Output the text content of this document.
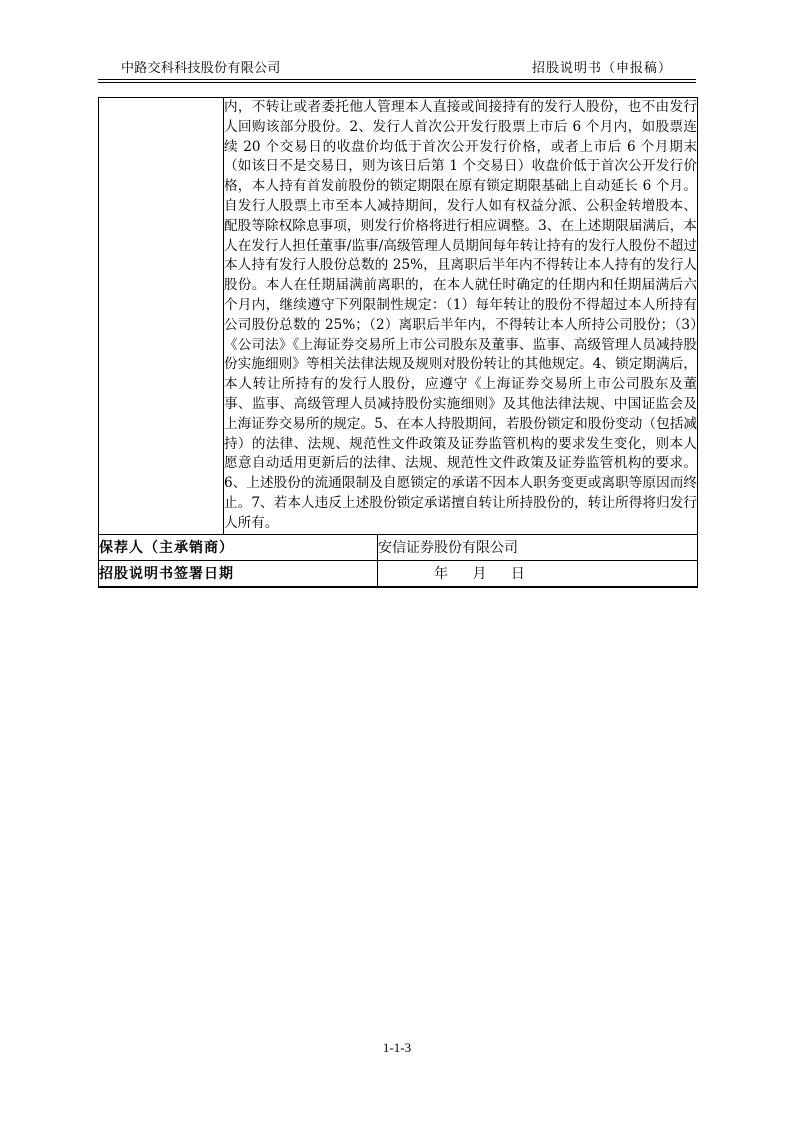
中路交科科技股份有限公司	招股说明书（申报稿）
	内，不转让或者委托他人管理本人直接或间接持有的发行人股份，也不由发行人回购该部分股份。2、发行人首次公开发行股票上市后 6 个月内，如股票连续 20 个交易日的收盘价均低于首次公开发行价格，或者上市后 6 个月期末（如该日不是交易日，则为该日后第 1 个交易日）收盘价低于首次公开发行价格，本人持有首发前股份的锁定期限在原有锁定期限基础上自动延长 6 个月。自发行人股票上市至本人减持期间，发行人如有权益分派、公积金转增股本、配股等除权除息事项，则发行价格将进行相应调整。3、在上述期限届满后，本人在发行人担任董事/监事/高级管理人员期间每年转让持有的发行人股份不超过本人持有发行人股份总数的 25%，且离职后半年内不得转让本人持有的发行人股份。本人在任期届满前离职的，在本人就任时确定的任期内和任期届满后六个月内，继续遵守下列限制性规定：（1）每年转让的股份不得超过本人所持有公司股份总数的 25%；（2）离职后半年内，不得转让本人所持公司股份；（3）《公司法》《上海证券交易所上市公司股东及董事、监事、高级管理人员减持股份实施细则》等相关法律法规及规则对股份转让的其他规定。4、锁定期满后，本人转让所持有的发行人股份，应遵守《上海证券交易所上市公司股东及董事、监事、高级管理人员减持股份实施细则》及其他法律法规、中国证监会及上海证券交易所的规定。5、在本人持股期间，若股份锁定和股份变动（包括减持）的法律、法规、规范性文件政策及证券监管机构的要求发生变化，则本人愿意自动适用更新后的法律、法规、规范性文件政策及证券监管机构的要求。6、上述股份的流通限制及自愿锁定的承诺不因本人职务变更或离职等原因而终止。7、若本人违反上述股份锁定承诺擅自转让所持股份的，转让所得将归发行人所有。	
保荐人（主承销商）		安信证券股份有限公司
招股说明书签署日期		年 月 日
1-1-3
